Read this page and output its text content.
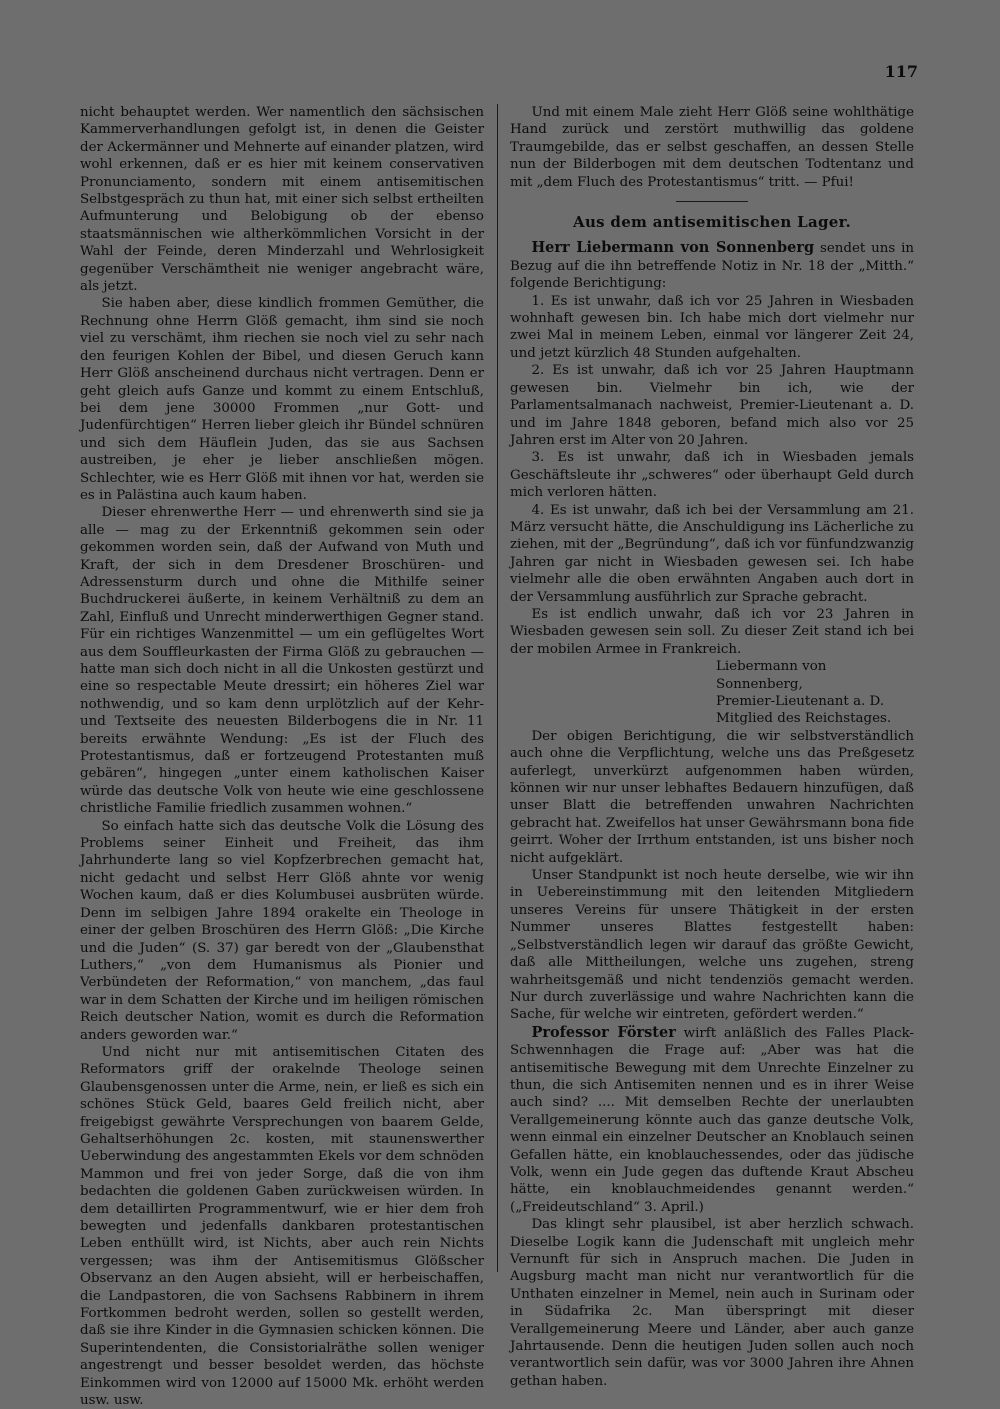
117

nicht behauptet werden. Wer namentlich den sächsischen Kammerverhandlungen gefolgt ist, in denen die Geister der Ackermänner und Mehnerte auf einander platzen, wird wohl erkennen, daß er es hier mit keinem conservativen Pronunciamento, sondern mit einem antisemitischen Selbstgespräch zu thun hat, mit einer sich selbst ertheilten Aufmunterung und Belobigung ob der ebenso staatsmännischen wie altherkömmlichen Vorsicht in der Wahl der Feinde, deren Minderzahl und Wehrlosigkeit gegenüber Verschämtheit nie weniger angebracht wäre, als jetzt.

Sie haben aber, diese kindlich frommen Gemüther, die Rechnung ohne Herrn Glöß gemacht, ihm sind sie noch viel zu verschämt, ihm riechen sie noch viel zu sehr nach den feurigen Kohlen der Bibel, und diesen Geruch kann Herr Glöß anscheinend durchaus nicht vertragen. Denn er geht gleich aufs Ganze und kommt zu einem Entschluß, bei dem jene 30000 Frommen „nur Gott- und Judenfürchtigen“ Herren lieber gleich ihr Bündel schnüren und sich dem Häuflein Juden, das sie aus Sachsen austreiben, je eher je lieber anschließen mögen. Schlechter, wie es Herr Glöß mit ihnen vor hat, werden sie es in Palästina auch kaum haben.

Dieser ehrenwerthe Herr — und ehrenwerth sind sie ja alle — mag zu der Erkenntniß gekommen sein oder gekommen worden sein, daß der Aufwand von Muth und Kraft, der sich in dem Dresdener Broschüren- und Adressensturm durch und ohne die Mithilfe seiner Buchdruckerei äußerte, in keinem Verhältniß zu dem an Zahl, Einfluß und Unrecht minderwerthigen Gegner stand. Für ein richtiges Wanzenmittel — um ein geflügeltes Wort aus dem Souffleurkasten der Firma Glöß zu gebrauchen — hatte man sich doch nicht in all die Unkosten gestürzt und eine so respectable Meute dressirt; ein höheres Ziel war nothwendig, und so kam denn urplötzlich auf der Kehr- und Textseite des neuesten Bilderbogens die in Nr. 11 bereits erwähnte Wendung: „Es ist der Fluch des Protestantismus, daß er fortzeugend Protestanten muß gebären“, hingegen „unter einem katholischen Kaiser würde das deutsche Volk von heute wie eine geschlossene christliche Familie friedlich zusammen wohnen.“

So einfach hatte sich das deutsche Volk die Lösung des Problems seiner Einheit und Freiheit, das ihm Jahrhunderte lang so viel Kopfzerbrechen gemacht hat, nicht gedacht und selbst Herr Glöß ahnte vor wenig Wochen kaum, daß er dies Kolumbusei ausbrüten würde. Denn im selbigen Jahre 1894 orakelte ein Theologe in einer der gelben Broschüren des Herrn Glöß: „Die Kirche und die Juden“ (S. 37) gar beredt von der „Glaubensthat Luthers,“ „von dem Humanismus als Pionier und Verbündeten der Reformation,“ von manchem, „das faul war in dem Schatten der Kirche und im heiligen römischen Reich deutscher Nation, womit es durch die Reformation anders geworden war.“

Und nicht nur mit antisemitischen Citaten des Reformators griff der orakelnde Theologe seinen Glaubensgenossen unter die Arme, nein, er ließ es sich ein schönes Stück Geld, baares Geld freilich nicht, aber freigebigst gewährte Versprechungen von baarem Gelde, Gehaltserhöhungen 2c. kosten, mit staunenswerther Ueberwindung des angestammten Ekels vor dem schnöden Mammon und frei von jeder Sorge, daß die von ihm bedachten die goldenen Gaben zurückweisen würden. In dem detaillirten Programmentwurf, wie er hier dem froh bewegten und jedenfalls dankbaren protestantischen Leben enthüllt wird, ist Nichts, aber auch rein Nichts vergessen; was ihm der Antisemitismus Glößscher Observanz an den Augen absieht, will er herbeischaffen, die Landpastoren, die von Sachsens Rabbinern in ihrem Fortkommen bedroht werden, sollen so gestellt werden, daß sie ihre Kinder in die Gymnasien schicken können. Die Superintendenten, die Consistorialräthe sollen weniger angestrengt und besser besoldet werden, das höchste Einkommen wird von 12000 auf 15000 Mk. erhöht werden usw. usw.

Und mit einem Male zieht Herr Glöß seine wohlthätige Hand zurück und zerstört muthwillig das goldene Traumgebilde, das er selbst geschaffen, an dessen Stelle nun der Bilderbogen mit dem deutschen Todtentanz und mit „dem Fluch des Protestantismus“ tritt. — Pfui!

Aus dem antisemitischen Lager.

Herr Liebermann von Sonnenberg sendet uns in Bezug auf die ihn betreffende Notiz in Nr. 18 der „Mitth.“ folgende Berichtigung:

1. Es ist unwahr, daß ich vor 25 Jahren in Wiesbaden wohnhaft gewesen bin. Ich habe mich dort vielmehr nur zwei Mal in meinem Leben, einmal vor längerer Zeit 24, und jetzt kürzlich 48 Stunden aufgehalten.

2. Es ist unwahr, daß ich vor 25 Jahren Hauptmann gewesen bin. Vielmehr bin ich, wie der Parlamentsalmanach nachweist, Premier-Lieutenant a. D. und im Jahre 1848 geboren, befand mich also vor 25 Jahren erst im Alter von 20 Jahren.

3. Es ist unwahr, daß ich in Wiesbaden jemals Geschäftsleute ihr „schweres“ oder überhaupt Geld durch mich verloren hätten.

4. Es ist unwahr, daß ich bei der Versammlung am 21. März versucht hätte, die Anschuldigung ins Lächerliche zu ziehen, mit der „Begründung“, daß ich vor fünfundzwanzig Jahren gar nicht in Wiesbaden gewesen sei. Ich habe vielmehr alle die oben erwähnten Angaben auch dort in der Versammlung ausführlich zur Sprache gebracht.

Es ist endlich unwahr, daß ich vor 23 Jahren in Wiesbaden gewesen sein soll. Zu dieser Zeit stand ich bei der mobilen Armee in Frankreich.

Liebermann von Sonnenberg,
Premier-Lieutenant a. D.
Mitglied des Reichstages.

Der obigen Berichtigung, die wir selbstverständlich auch ohne die Verpflichtung, welche uns das Preßgesetz auferlegt, unverkürzt aufgenommen haben würden, können wir nur unser lebhaftes Bedauern hinzufügen, daß unser Blatt die betreffenden unwahren Nachrichten gebracht hat. Zweifellos hat unser Gewährsmann bona fide geirrt. Woher der Irrthum entstanden, ist uns bisher noch nicht aufgeklärt.

Unser Standpunkt ist noch heute derselbe, wie wir ihn in Uebereinstimmung mit den leitenden Mitgliedern unseres Vereins für unsere Thätigkeit in der ersten Nummer unseres Blattes festgestellt haben: „Selbstverständlich legen wir darauf das größte Gewicht, daß alle Mittheilungen, welche uns zugehen, streng wahrheitsgemäß und nicht tendenziös gemacht werden. Nur durch zuverlässige und wahre Nachrichten kann die Sache, für welche wir eintreten, gefördert werden.“

Professor Förster wirft anläßlich des Falles Plack-Schwennhagen die Frage auf: „Aber was hat die antisemitische Bewegung mit dem Unrechte Einzelner zu thun, die sich Antisemiten nennen und es in ihrer Weise auch sind? .... Mit demselben Rechte der unerlaubten Verallgemeinerung könnte auch das ganze deutsche Volk, wenn einmal ein einzelner Deutscher an Knoblauch seinen Gefallen hätte, ein knoblauchessendes, oder das jüdische Volk, wenn ein Jude gegen das duftende Kraut Abscheu hätte, ein knoblauchmeidendes genannt werden.“ („Freideutschland“ 3. April.)

Das klingt sehr plausibel, ist aber herzlich schwach. Dieselbe Logik kann die Judenschaft mit ungleich mehr Vernunft für sich in Anspruch machen. Die Juden in Augsburg macht man nicht nur verantwortlich für die Unthaten einzelner in Memel, nein auch in Surinam oder in Südafrika 2c. Man überspringt mit dieser Verallgemeinerung Meere und Länder, aber auch ganze Jahrtausende. Denn die heutigen Juden sollen auch noch verantwortlich sein dafür, was vor 3000 Jahren ihre Ahnen gethan haben.
